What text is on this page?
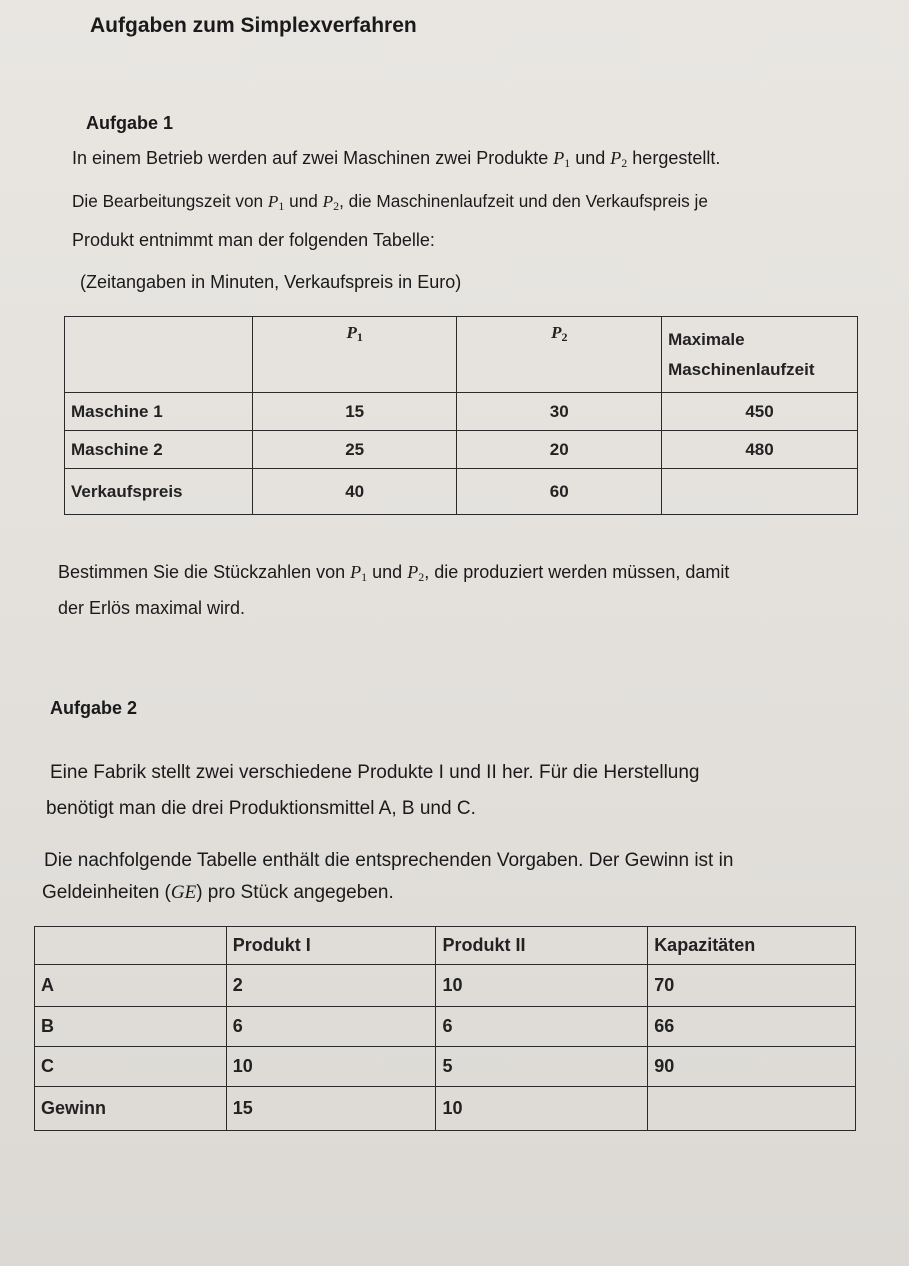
Aufgaben zum Simplexverfahren
Aufgabe 1
In einem Betrieb werden auf zwei Maschinen zwei Produkte $P_1$ und $P_2$ hergestellt.
Die Bearbeitungszeit von $P_1$ und $P_2$, die Maschinenlaufzeit und den Verkaufspreis je
Produkt entnimmt man der folgenden Tabelle:
(Zeitangaben in Minuten, Verkaufspreis in Euro)
	$P_1$	$P_2$	Maximale
Maschinenlaufzeit
Maschine 1	15	30	450
Maschine 2	25	20	480
Verkaufspreis	40	60	
Bestimmen Sie die Stückzahlen von $P_1$ und $P_2$, die produziert werden müssen, damit
der Erlös maximal wird.
Aufgabe 2
Eine Fabrik stellt zwei verschiedene Produkte I und II her. Für die Herstellung
benötigt man die drei Produktionsmittel A, B und C.
Die nachfolgende Tabelle enthält die entsprechenden Vorgaben. Der Gewinn ist in
Geldeinheiten (GE) pro Stück angegeben.
	Produkt I	Produkt II	Kapazitäten
A	2	10	70
B	6	6	66
C	10	5	90
Gewinn	15	10	
